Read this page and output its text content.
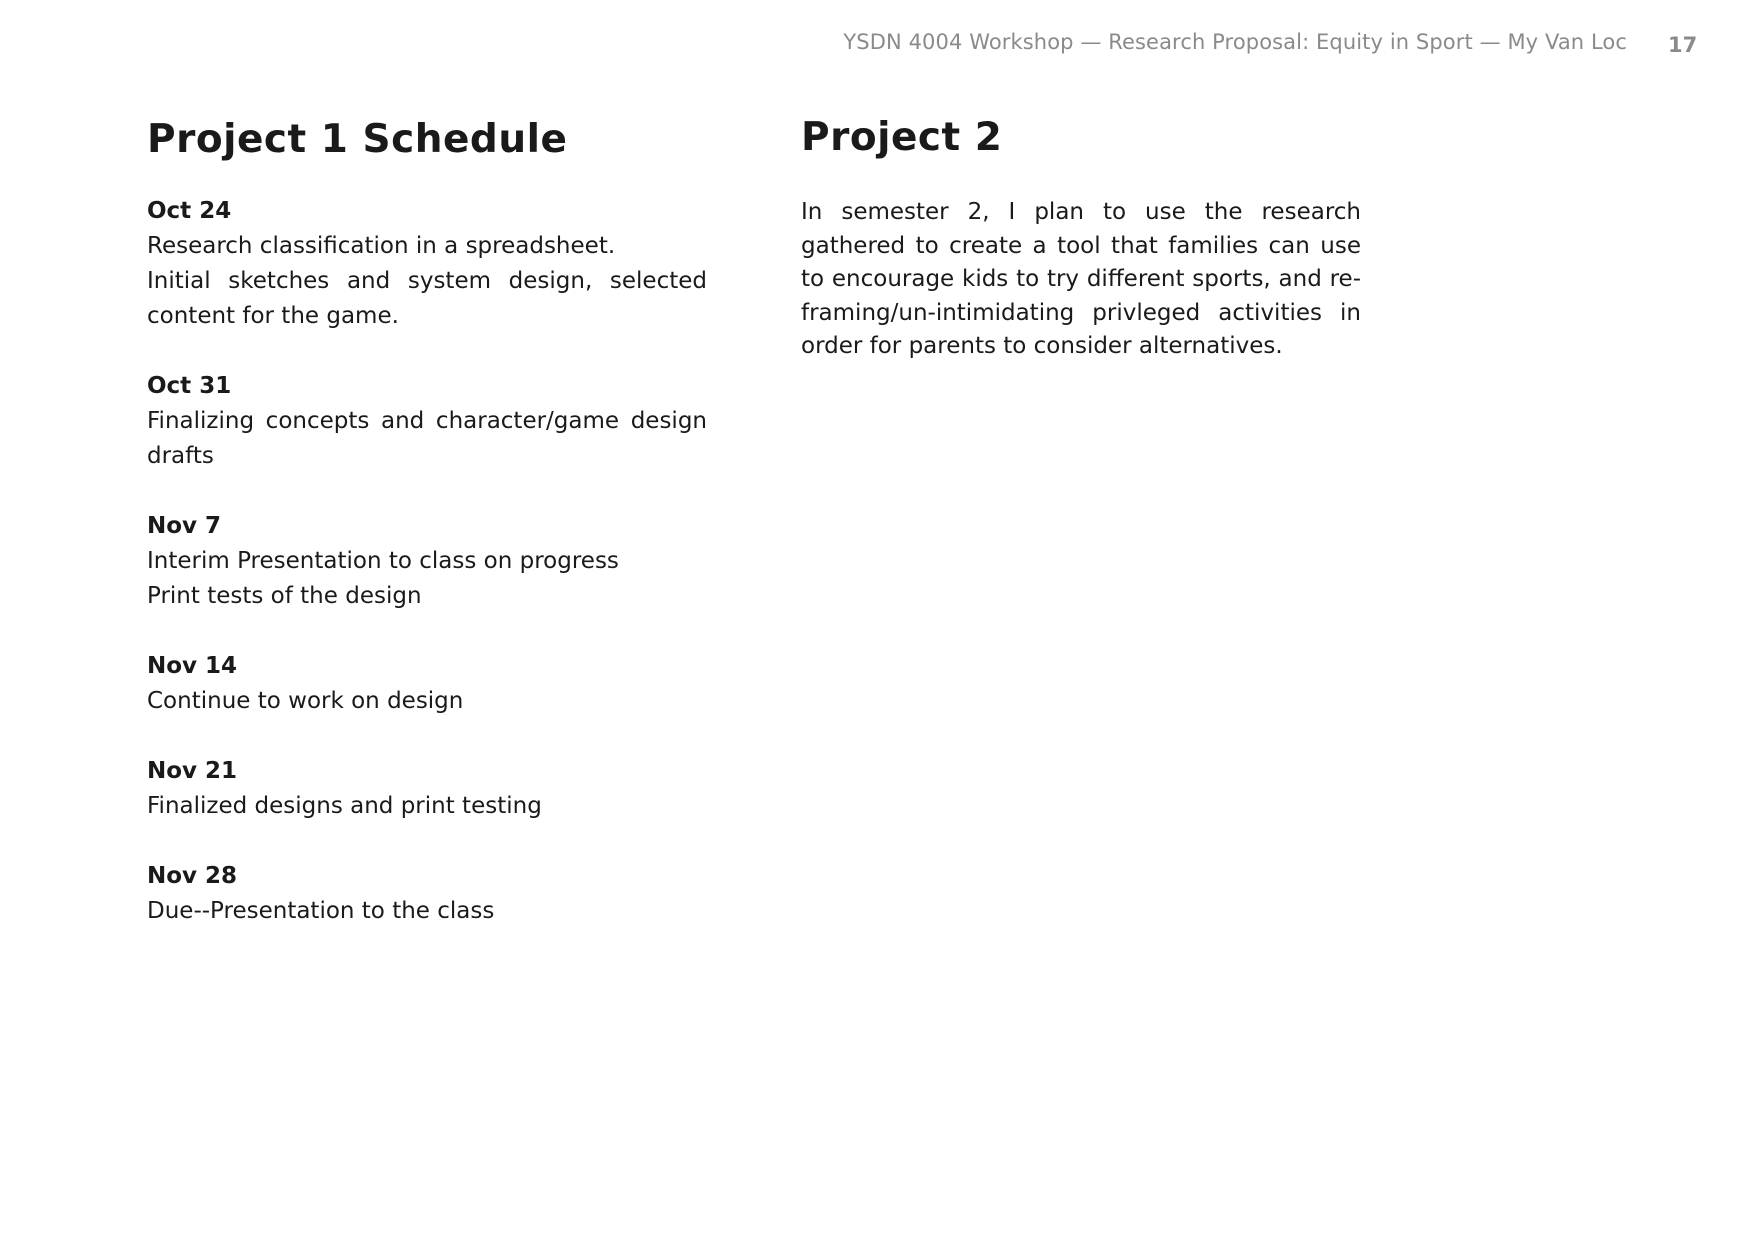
YSDN 4004 Workshop — Research Proposal: Equity in Sport — My Van Loc 17
Project 1 Schedule
Oct 24
Research classification in a spreadsheet.
Initial sketches and system design, selected content for the game.
Oct 31
Finalizing concepts and character/game design drafts
Nov 7
Interim Presentation to class on progress
Print tests of the design
Nov 14
Continue to work on design
Nov 21
Finalized designs and print testing
Nov 28
Due--Presentation to the class
Project 2

In semester 2, I plan to use the research gathered to create a tool that families can use to encourage kids to try different sports, and re-framing/un-intimidating privleged activities in order for parents to consider alternatives.
